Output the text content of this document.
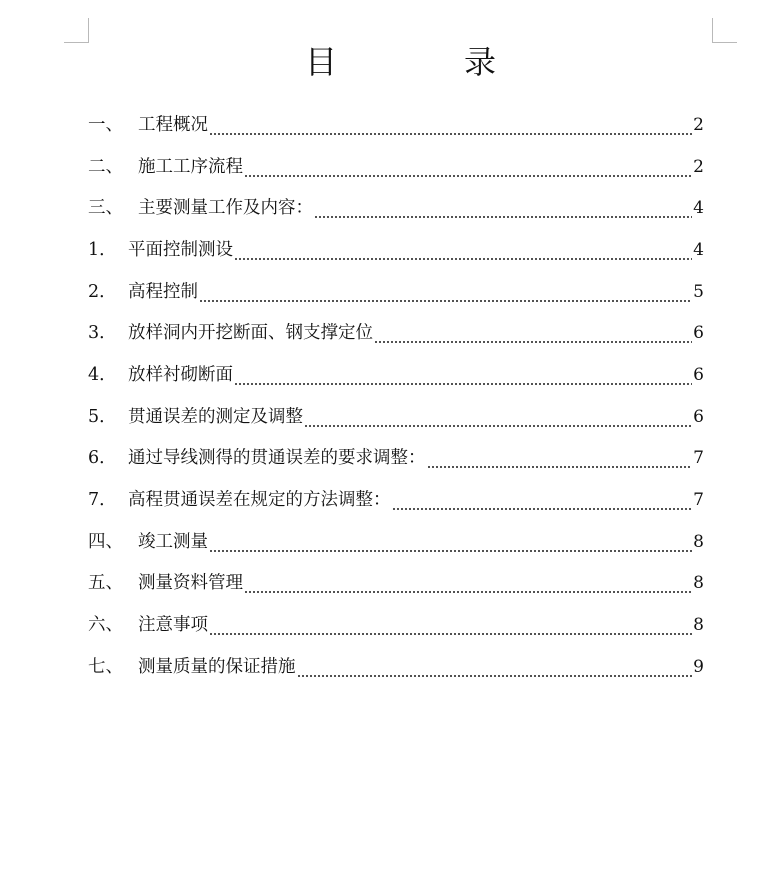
目	录
一、 工程概况	2
二、 施工工序流程	2
三、 主要测量工作及内容：	4
1． 平面控制测设	4
2． 高程控制	5
3． 放样洞内开挖断面、钢支撑定位	6
4． 放样衬砌断面	6
5． 贯通误差的测定及调整	6
6． 通过导线测得的贯通误差的要求调整：	7
7． 高程贯通误差在规定的方法调整：	7
四、 竣工测量	8
五、 测量资料管理	8
六、 注意事项	8
七、 测量质量的保证措施	9
